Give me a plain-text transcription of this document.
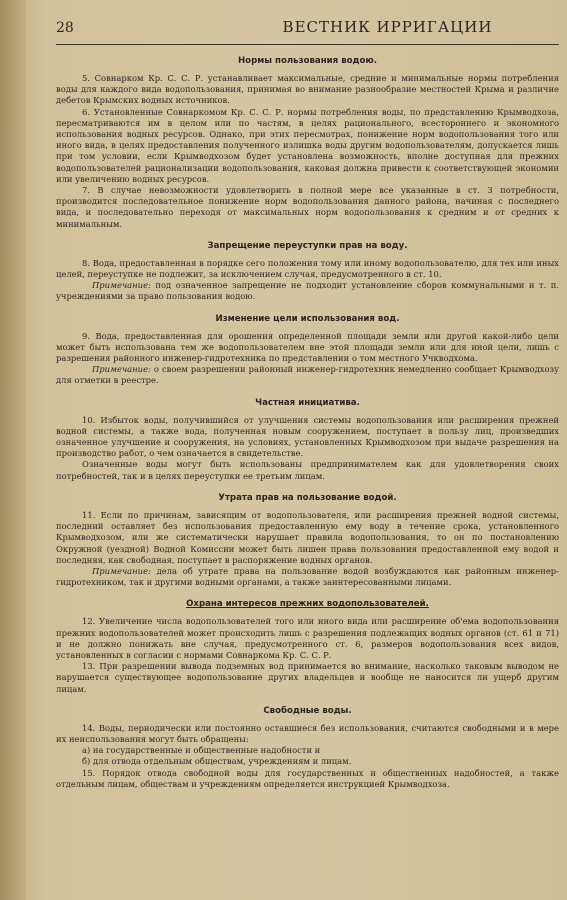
28	ВЕСТНИК ИРРИГАЦИИ
Нормы пользования водою.

5. Совнарком Кр. С. С. Р. устанавливает максимальные, средние и минимальные нормы потребления воды для каждого вида водопользования, принимая во внимание разнообразие местностей Крыма и различие дебетов Крымских водных источников.

6. Установленные Совнаркомом Кр. С. С. Р. нормы потребления воды, по представлению Крымводхоза, пересматриваются им в целом или по частям, в целях рационального, всестороннего и экономного использования водных ресурсов. Однако, при этих пересмотрах, понижение норм водопользования того или иного вида, в целях предоставления полученного излишка воды другим водопользователям, допускается лишь при том условии, если Крымводхозом будет установлена возможность, вполне доступная для прежних водопользователей рационализации водопользования, каковая должна привести к соответствующей экономии или увеличению водных ресурсов.

7. В случае невозможности удовлетворить в полной мере все указанные в ст. 3 потребности, производится последовательное понижение норм водопользования данного района, начиная с последнего вида, и последовательно переходя от максимальных норм водопользования к средним и от средних к минимальным.

Запрещение переуступки прав на воду.

8. Вода, предоставленная в порядке сего положения тому или иному водопользователю, для тех или иных целей, переуступке не подлежит, за исключением случая, предусмотренного в ст. 10.

Примечание: под означенное запрещение не подходит установление сборов коммунальными и т. п. учреждениями за право пользования водою.

Изменение цели использования вод.

9. Вода, предоставленная для орошения определенной площади земли или другой какой-либо цели может быть использована тем же водопользователем вне этой площади земли или для иной цели, лишь с разрешения районного инженер-гидротехника по представлении о том местного Учкводхома.

Примечание: о своем разрешении районный инженер-гидротехник немедленно сообщает Крымводхозу для отметки в реестре.

Частная инициатива.

10. Избыток воды, получившийся от улучшения системы водопользования или расширения прежней водной системы, а также вода, полученная новым сооружением, поступает в пользу лиц, произведших означенное улучшение и сооружения, на условиях, установленных Крымводхозом при выдаче разрешения на производство работ, о чем означается в свидетельстве.

Означенные воды могут быть использованы предпринимателем как для удовлетворения своих потребностей, так и в целях переуступки ее третьим лицам.

Утрата прав на пользование водой.

11. Если по причинам, зависящим от водопользователя, или расширения прежней водной системы, последний оставляет без использования предоставленную ему воду в течение срока, установленного Крымводхозом, или же систематически нарушает правила водопользования, то он по постановлению Окружной (уездной) Водной Комиссии может быть лишен права пользования предоставленной ему водой и последняя, как свободная, поступает в распоряжение водных органов.

Примечание: дела об утрате права на пользование водой возбуждаются как районным инженер-гидротехником, так и другими водными органами, а также заинтересованными лицами.

Охрана интересов прежних водопользователей.

12. Увеличение числа водопользователей того или иного вида или расширение об'ема водопользования прежних водопользователей может происходить лишь с разрешения подлежащих водных органов (ст. 61 и 71) и не должно понижать вне случая, предусмотренного ст. 6, размеров водопользования всех видов, установленных в согласии с нормами Совнаркома Кр. С. С. Р.

13. При разрешении вывода подземных вод принимается во внимание, насколько таковым выводом не нарушается существующее водопользование других владельцев и вообще не наносится ли ущерб другим лицам.

Свободные воды.

14. Воды, периодически или постоянно оставшиеся без использования, считаются свободными и в мере их неиспользования могут быть обращены:

а) на государственные и общественные надобности и

б) для отвода отдельным обществам, учреждениям и лицам.

15. Порядок отвода свободной воды для государственных и общественных надобностей, а также отдельным лицам, обществам и учреждениям определяется инструкцией Крымводхоза.
